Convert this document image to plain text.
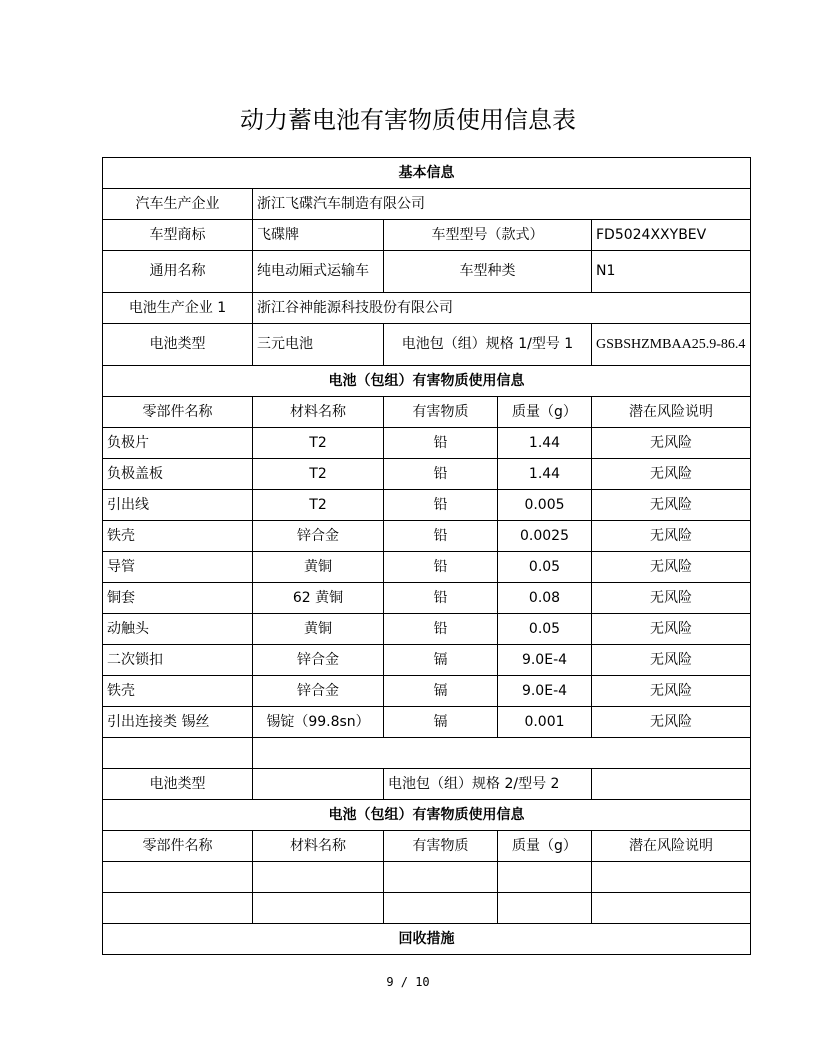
动力蓄电池有害物质使用信息表
基本信息				
汽车生产企业	浙江飞碟汽车制造有限公司			
车型商标	飞碟牌	车型型号（款式）		FD5024XXYBEV
通用名称	纯电动厢式运输车	车型种类		N1
电池生产企业 1	浙江谷神能源科技股份有限公司			
电池类型	三元电池	电池包（组）规格 1/型号 1		GSBSHZMBAA25.9-86.4
电池（包组）有害物质使用信息				
零部件名称	材料名称	有害物质	质量（g）	潜在风险说明
负极片	T2	铅	1.44	无风险
负极盖板	T2	铅	1.44	无风险
引出线	T2	铅	0.005	无风险
铁壳	锌合金	铅	0.0025	无风险
导管	黄铜	铅	0.05	无风险
铜套	62 黄铜	铅	0.08	无风险
动触头	黄铜	铅	0.05	无风险
二次锁扣	锌合金	镉	9.0E-4	无风险
铁壳	锌合金	镉	9.0E-4	无风险
引出连接类 锡丝	锡锭（99.8sn）	镉	0.001	无风险

电池类型		电池包（组）规格 2/型号 2		
电池（包组）有害物质使用信息				
零部件名称	材料名称	有害物质	质量（g）	潜在风险说明

回收措施				
9 / 10
